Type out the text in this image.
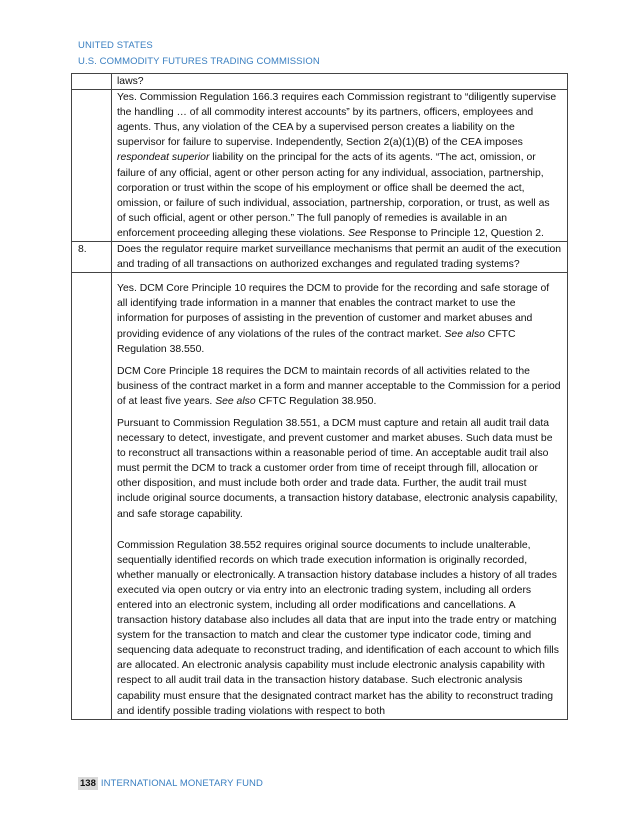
UNITED STATES
U.S. COMMODITY FUTURES TRADING COMMISSION

	laws?

	Yes. Commission Regulation 166.3 requires each Commission registrant to “diligently supervise the handling … of all commodity interest accounts” by its partners, officers, employees and agents. Thus, any violation of the CEA by a supervised person creates a liability on the supervisor for failure to supervise. Independently, Section 2(a)(1)(B) of the CEA imposes respondeat superior liability on the principal for the acts of its agents. “The act, omission, or failure of any official, agent or other person acting for any individual, association, partnership, corporation or trust within the scope of his employment or office shall be deemed the act, omission, or failure of such individual, association, partnership, corporation, or trust, as well as of such official, agent or other person.” The full panoply of remedies is available in an enforcement proceeding alleging these violations. See Response to Principle 12, Question 2.

8.	Does the regulator require market surveillance mechanisms that permit an audit of the execution and trading of all transactions on authorized exchanges and regulated trading systems?

	Yes. DCM Core Principle 10 requires the DCM to provide for the recording and safe storage of all identifying trade information in a manner that enables the contract market to use the information for purposes of assisting in the prevention of customer and market abuses and providing evidence of any violations of the rules of the contract market. See also CFTC Regulation 38.550.

DCM Core Principle 18 requires the DCM to maintain records of all activities related to the business of the contract market in a form and manner acceptable to the Commission for a period of at least five years. See also CFTC Regulation 38.950.

Pursuant to Commission Regulation 38.551, a DCM must capture and retain all audit trail data necessary to detect, investigate, and prevent customer and market abuses. Such data must be to reconstruct all transactions within a reasonable period of time. An acceptable audit trail also must permit the DCM to track a customer order from time of receipt through fill, allocation or other disposition, and must include both order and trade data. Further, the audit trail must include original source documents, a transaction history database, electronic analysis capability, and safe storage capability.

Commission Regulation 38.552 requires original source documents to include unalterable, sequentially identified records on which trade execution information is originally recorded, whether manually or electronically. A transaction history database includes a history of all trades executed via open outcry or via entry into an electronic trading system, including all orders entered into an electronic system, including all order modifications and cancellations. A transaction history database also includes all data that are input into the trade entry or matching system for the transaction to match and clear the customer type indicator code, timing and sequencing data adequate to reconstruct trading, and identification of each account to which fills are allocated. An electronic analysis capability must include electronic analysis capability with respect to all audit trail data in the transaction history database. Such electronic analysis capability must ensure that the designated contract market has the ability to reconstruct trading and identify possible trading violations with respect to both

138 INTERNATIONAL MONETARY FUND
